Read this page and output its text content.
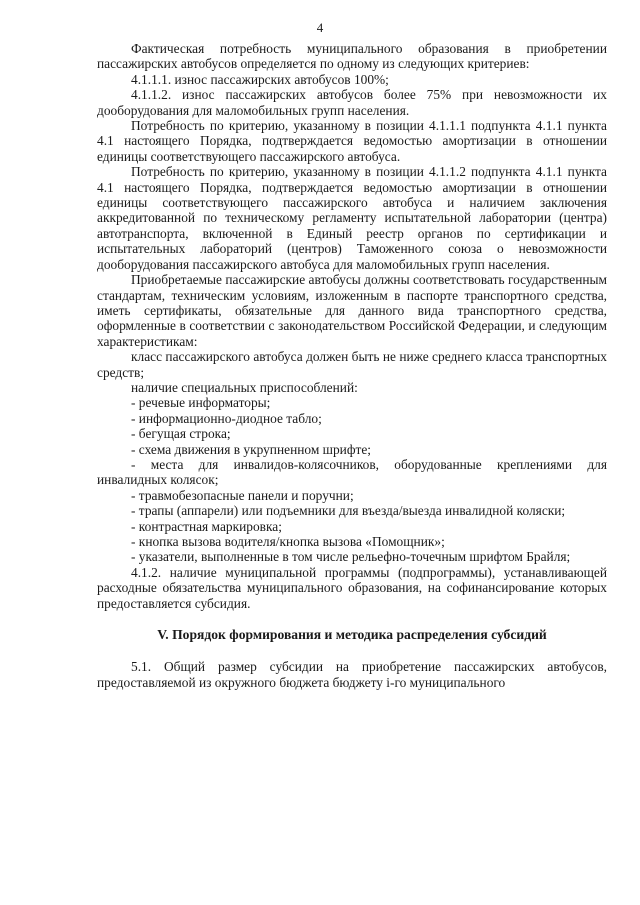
4

Фактическая потребность муниципального образования в приобретении пассажирских автобусов определяется по одному из следующих критериев:

4.1.1.1. износ пассажирских автобусов 100%;

4.1.1.2. износ пассажирских автобусов более 75% при невозможности их дооборудования для маломобильных групп населения.

Потребность по критерию, указанному в позиции 4.1.1.1 подпункта 4.1.1 пункта 4.1 настоящего Порядка, подтверждается ведомостью амортизации в отношении единицы соответствующего пассажирского автобуса.

Потребность по критерию, указанному в позиции 4.1.1.2 подпункта 4.1.1 пункта 4.1 настоящего Порядка, подтверждается ведомостью амортизации в отношении единицы соответствующего пассажирского автобуса и наличием заключения аккредитованной по техническому регламенту испытательной лаборатории (центра) автотранспорта, включенной в Единый реестр органов по сертификации и испытательных лабораторий (центров) Таможенного союза о невозможности дооборудования пассажирского автобуса для маломобильных групп населения.

Приобретаемые пассажирские автобусы должны соответствовать государственным стандартам, техническим условиям, изложенным в паспорте транспортного средства, иметь сертификаты, обязательные для данного вида транспортного средства, оформленные в соответствии с законодательством Российской Федерации, и следующим характеристикам:

класс пассажирского автобуса должен быть не ниже среднего класса транспортных средств;

наличие специальных приспособлений:

- речевые информаторы;

- информационно-диодное табло;

- бегущая строка;

- схема движения в укрупненном шрифте;

- места для инвалидов-колясочников, оборудованные креплениями для инвалидных колясок;

- травмобезопасные панели и поручни;

- трапы (аппарели) или подъемники для въезда/выезда инвалидной коляски;

- контрастная маркировка;

- кнопка вызова водителя/кнопка вызова «Помощник»;

- указатели, выполненные в том числе рельефно-точечным шрифтом Брайля;

4.1.2. наличие муниципальной программы (подпрограммы), устанавливающей расходные обязательства муниципального образования, на софинансирование которых предоставляется субсидия.

V. Порядок формирования и методика распределения субсидий

5.1. Общий размер субсидии на приобретение пассажирских автобусов, предоставляемой из окружного бюджета бюджету i-го муниципального
